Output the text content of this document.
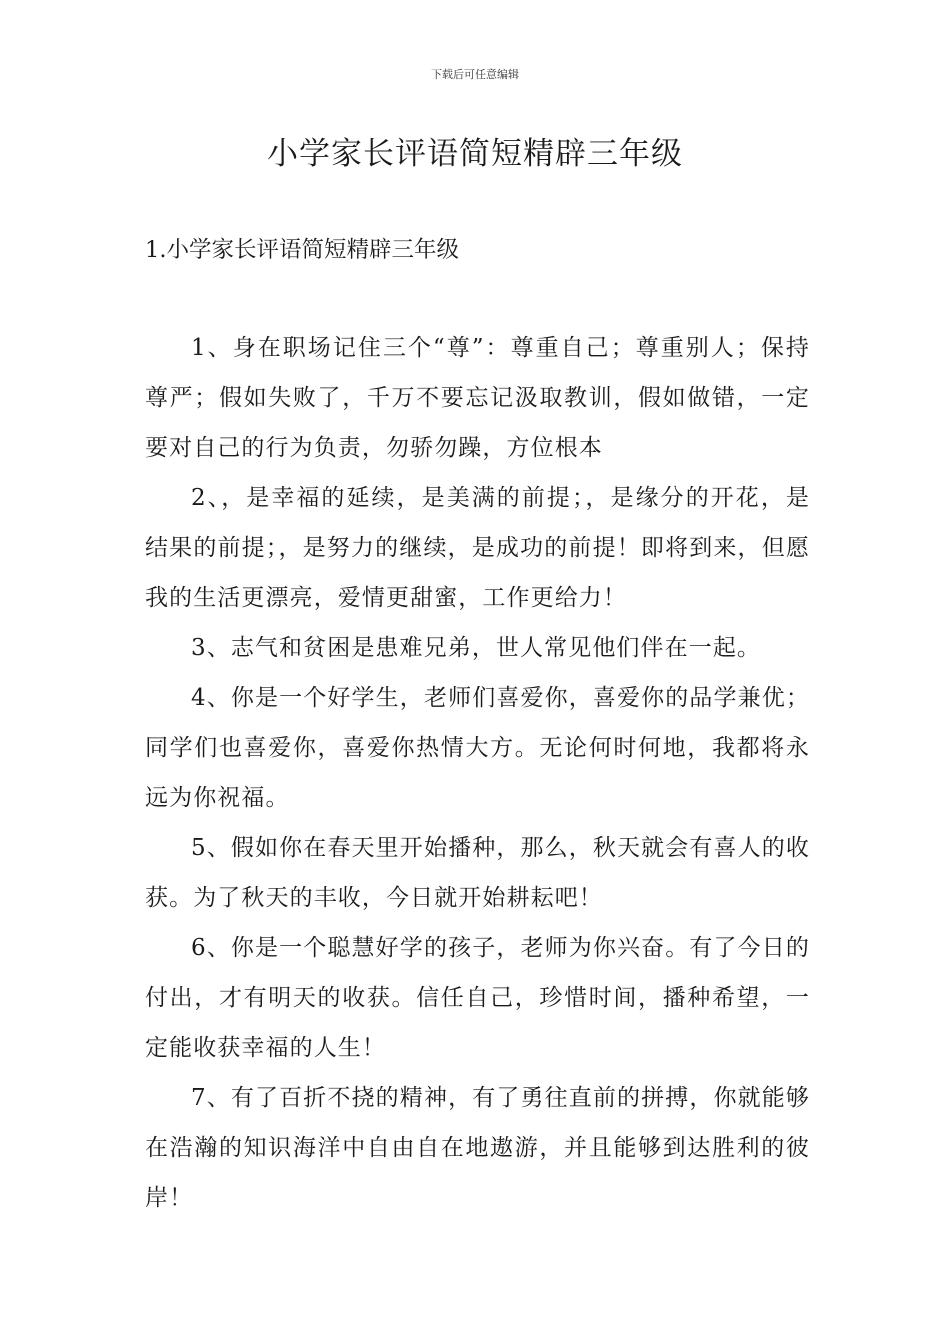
下载后可任意编辑
小学家长评语简短精辟三年级
1.小学家长评语简短精辟三年级

1、身在职场记住三个“尊”：尊重自己；尊重别人；保持尊严；假如失败了，千万不要忘记汲取教训，假如做错，一定要对自己的行为负责，勿骄勿躁，方位根本

2、，是幸福的延续，是美满的前提；，是缘分的开花，是结果的前提；，是努力的继续，是成功的前提！即将到来，但愿我的生活更漂亮，爱情更甜蜜，工作更给力！

3、志气和贫困是患难兄弟，世人常见他们伴在一起。

4、你是一个好学生，老师们喜爱你，喜爱你的品学兼优；同学们也喜爱你，喜爱你热情大方。无论何时何地，我都将永远为你祝福。

5、假如你在春天里开始播种，那么，秋天就会有喜人的收获。为了秋天的丰收，今日就开始耕耘吧！

6、你是一个聪慧好学的孩子，老师为你兴奋。有了今日的付出，才有明天的收获。信任自己，珍惜时间，播种希望，一定能收获幸福的人生！

7、有了百折不挠的精神，有了勇往直前的拼搏，你就能够在浩瀚的知识海洋中自由自在地遨游，并且能够到达胜利的彼岸！
